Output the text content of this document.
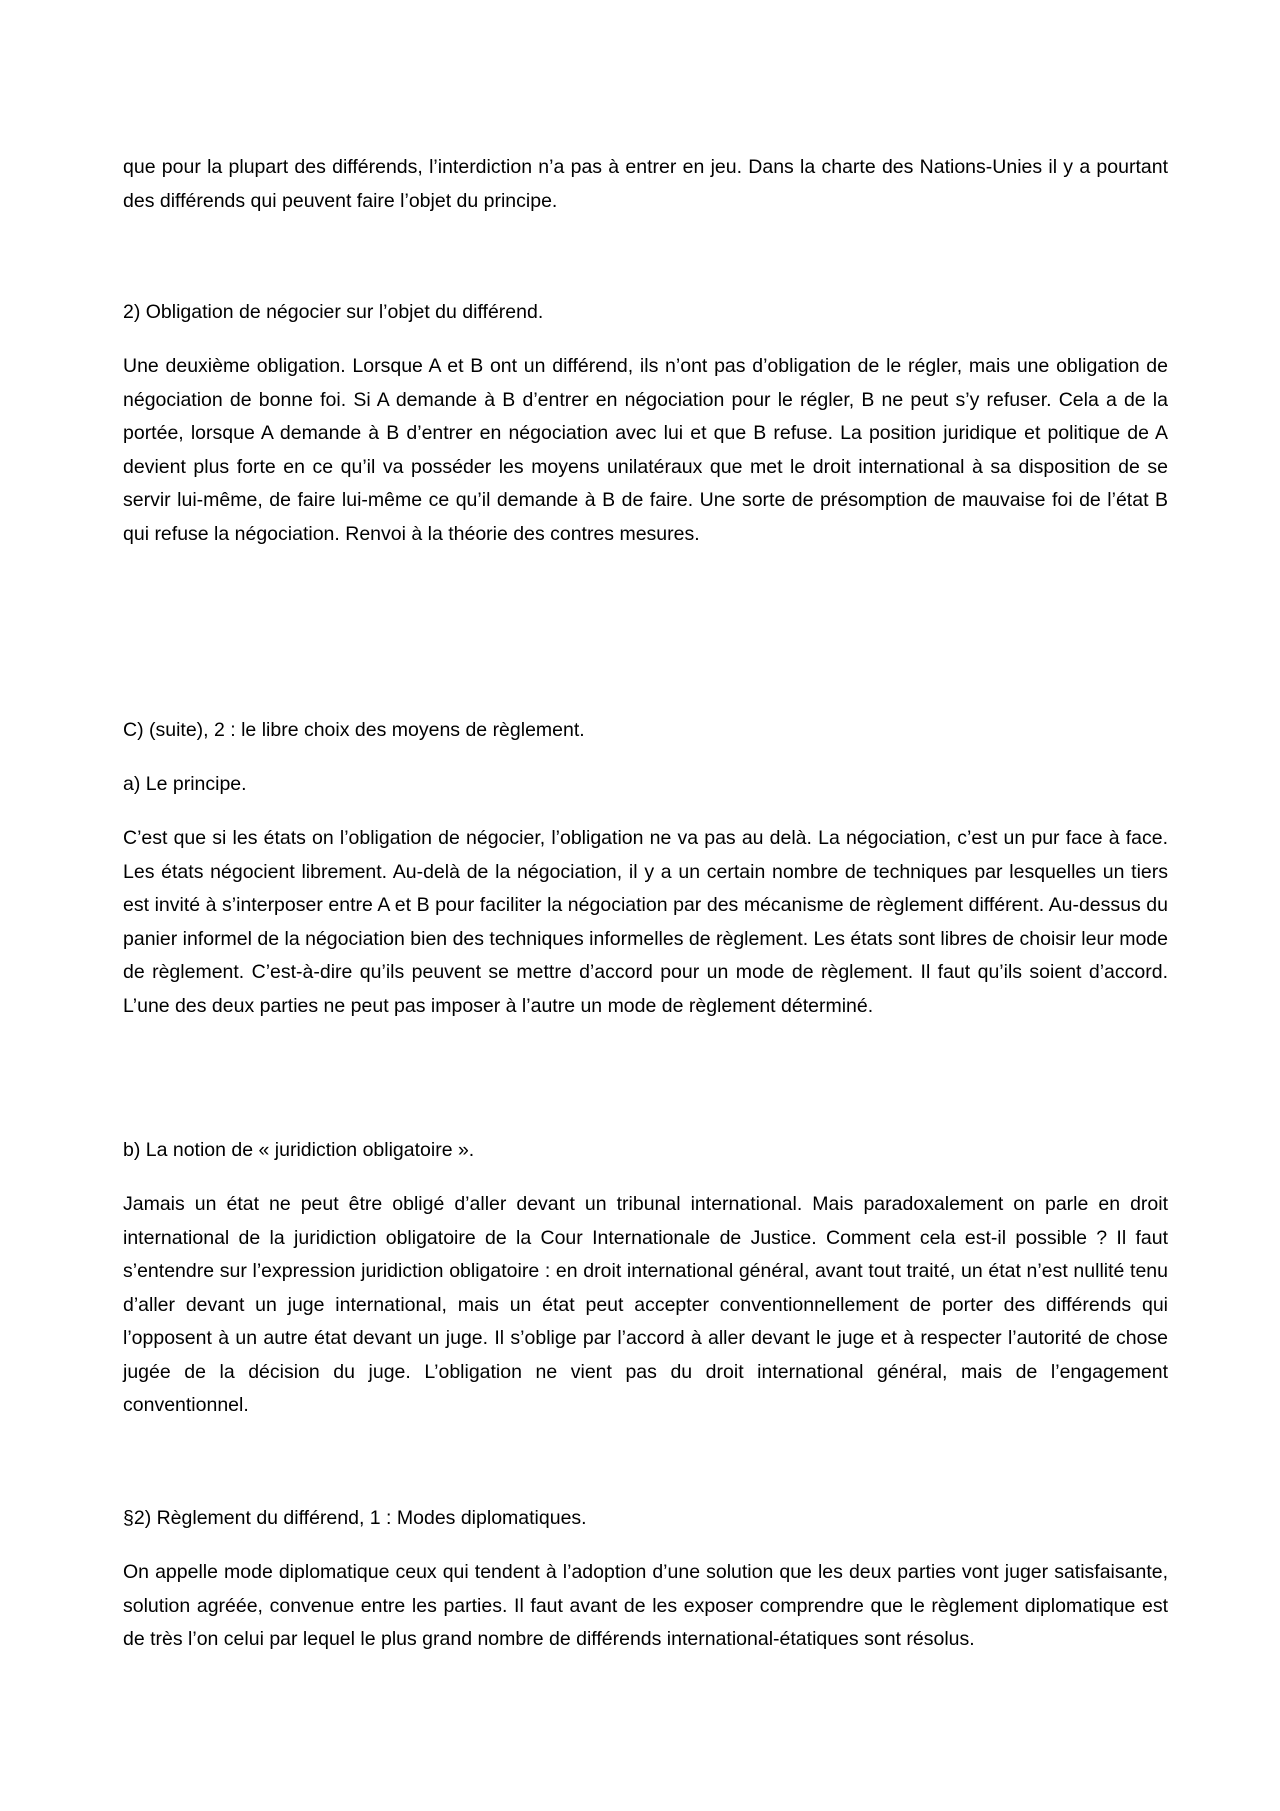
que pour la plupart des différends, l’interdiction n’a pas à entrer en jeu. Dans la charte des Nations-Unies il y a pourtant des différends qui peuvent faire l’objet du principe.

2) Obligation de négocier sur l’objet du différend.

Une deuxième obligation. Lorsque A et B ont un différend, ils n’ont pas d’obligation de le régler, mais une obligation de négociation de bonne foi. Si A demande à B d’entrer en négociation pour le régler, B ne peut s’y refuser. Cela a de la portée, lorsque A demande à B d’entrer en négociation avec lui et que B refuse. La position juridique et politique de A devient plus forte en ce qu’il va posséder les moyens unilatéraux que met le droit international à sa disposition de se servir lui-même, de faire lui-même ce qu’il demande à B de faire. Une sorte de présomption de mauvaise foi de l’état B qui refuse la négociation. Renvoi à la théorie des contres mesures.

C) (suite), 2 : le libre choix des moyens de règlement.

a) Le principe.

C’est que si les états on l’obligation de négocier, l’obligation ne va pas au delà. La négociation, c’est un pur face à face. Les états négocient librement. Au-delà de la négociation, il y a un certain nombre de techniques par lesquelles un tiers est invité à s’interposer entre A et B pour faciliter la négociation par des mécanisme de règlement différent. Au-dessus du panier informel de la négociation bien des techniques informelles de règlement. Les états sont libres de choisir leur mode de règlement. C’est-à-dire qu’ils peuvent se mettre d’accord pour un mode de règlement. Il faut qu’ils soient d’accord. L’une des deux parties ne peut pas imposer à l’autre un mode de règlement déterminé.

b) La notion de « juridiction obligatoire ».

Jamais un état ne peut être obligé d’aller devant un tribunal international. Mais paradoxalement on parle en droit international de la juridiction obligatoire de la Cour Internationale de Justice. Comment cela est-il possible ? Il faut s’entendre sur l’expression juridiction obligatoire : en droit international général, avant tout traité, un état n’est nullité tenu d’aller devant un juge international, mais un état peut accepter conventionnellement de porter des différends qui l’opposent à un autre état devant un juge. Il s’oblige par l’accord à aller devant le juge et à respecter l’autorité de chose jugée de la décision du juge. L’obligation ne vient pas du droit international général, mais de l’engagement conventionnel.

§2) Règlement du différend, 1 : Modes diplomatiques.

On appelle mode diplomatique ceux qui tendent à l’adoption d’une solution que les deux parties vont juger satisfaisante, solution agréée, convenue entre les parties. Il faut avant de les exposer comprendre que le règlement diplomatique est de très l’on celui par lequel le plus grand nombre de différends international-étatiques sont résolus.
